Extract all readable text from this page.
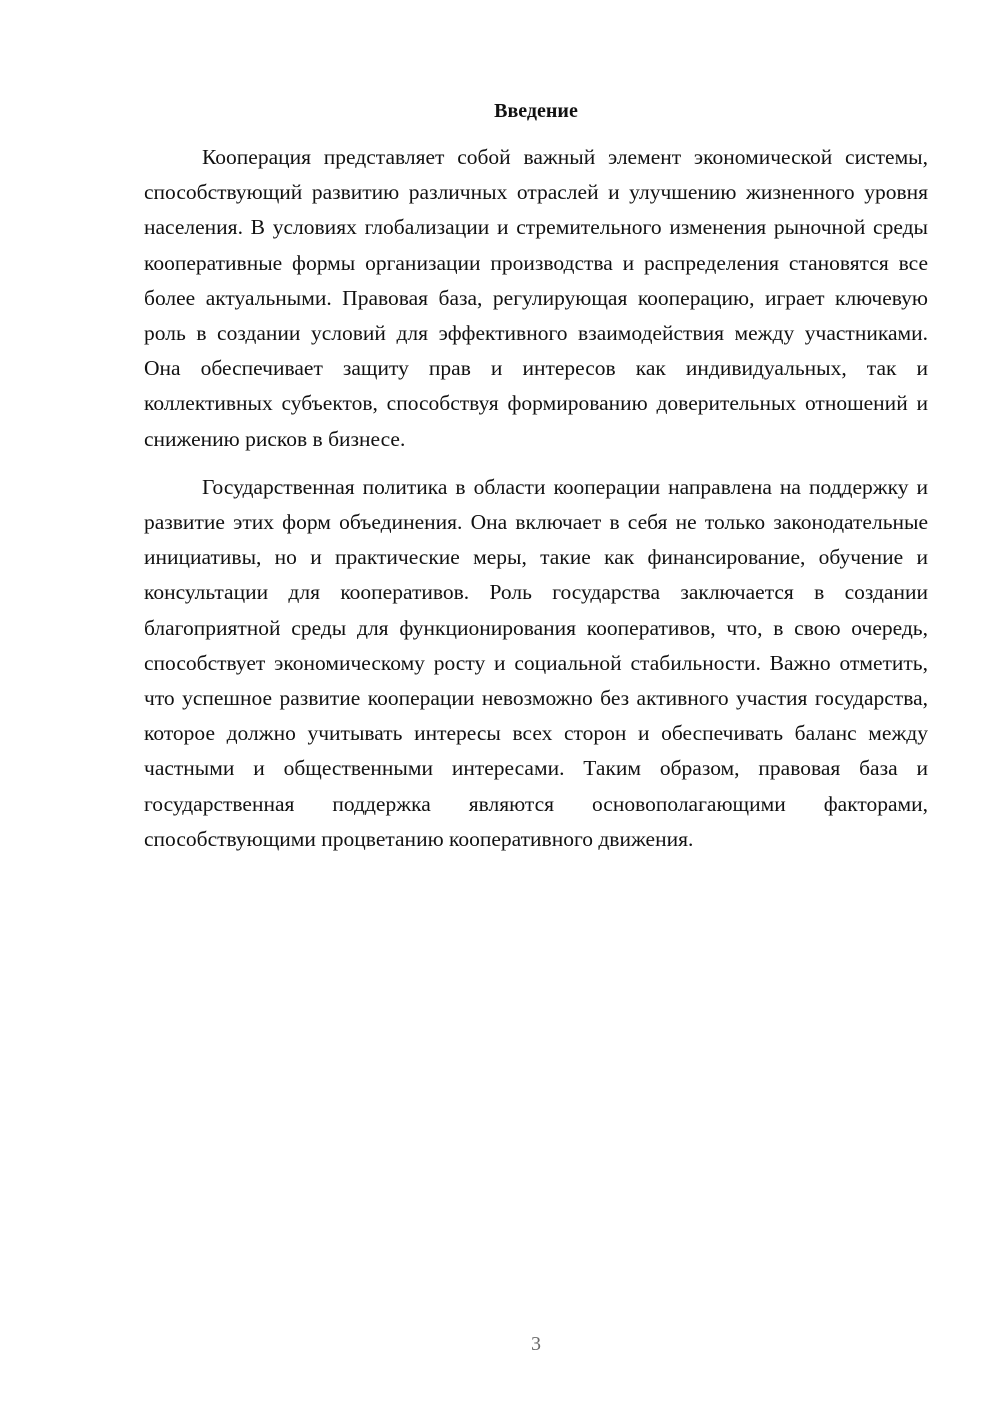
Введение

Кооперация представляет собой важный элемент экономической системы, способствующий развитию различных отраслей и улучшению жизненного уровня населения. В условиях глобализации и стремительного изменения рыночной среды кооперативные формы организации производства и распределения становятся все более актуальными. Правовая база, регулирующая кооперацию, играет ключевую роль в создании условий для эффективного взаимодействия между участниками. Она обеспечивает защиту прав и интересов как индивидуальных, так и коллективных субъектов, способствуя формированию доверительных отношений и снижению рисков в бизнесе.

Государственная политика в области кооперации направлена на поддержку и развитие этих форм объединения. Она включает в себя не только законодательные инициативы, но и практические меры, такие как финансирование, обучение и консультации для кооперативов. Роль государства заключается в создании благоприятной среды для функционирования кооперативов, что, в свою очередь, способствует экономическому росту и социальной стабильности. Важно отметить, что успешное развитие кооперации невозможно без активного участия государства, которое должно учитывать интересы всех сторон и обеспечивать баланс между частными и общественными интересами. Таким образом, правовая база и государственная поддержка являются основополагающими факторами, способствующими процветанию кооперативного движения.

3
